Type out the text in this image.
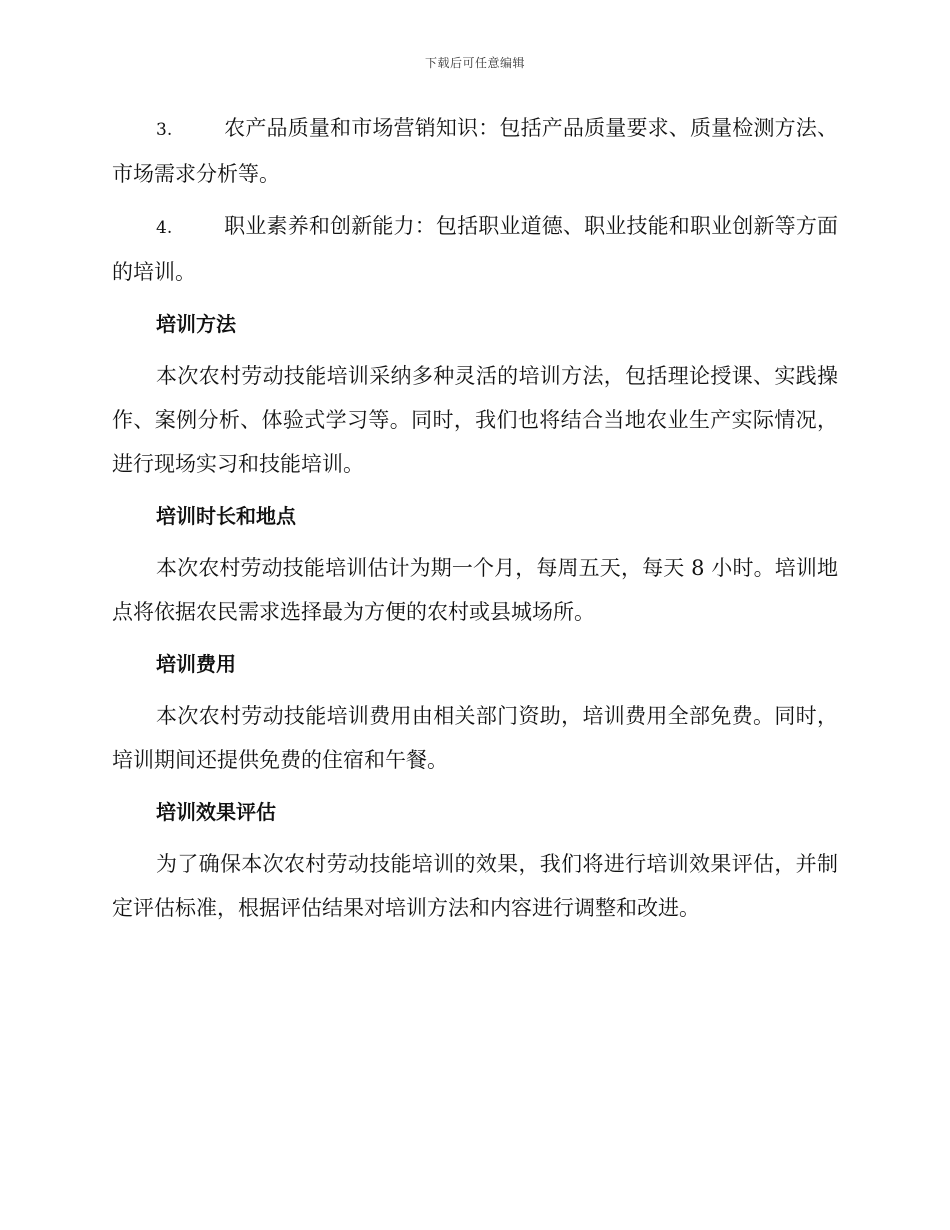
下载后可任意编辑

3. 农产品质量和市场营销知识：包括产品质量要求、质量检测方法、市场需求分析等。

4. 职业素养和创新能力：包括职业道德、职业技能和职业创新等方面的培训。

培训方法

本次农村劳动技能培训采纳多种灵活的培训方法，包括理论授课、实践操作、案例分析、体验式学习等。同时，我们也将结合当地农业生产实际情况，进行现场实习和技能培训。

培训时长和地点

本次农村劳动技能培训估计为期一个月，每周五天，每天 8 小时。培训地点将依据农民需求选择最为方便的农村或县城场所。

培训费用

本次农村劳动技能培训费用由相关部门资助，培训费用全部免费。同时，培训期间还提供免费的住宿和午餐。

培训效果评估

为了确保本次农村劳动技能培训的效果，我们将进行培训效果评估，并制定评估标准，根据评估结果对培训方法和内容进行调整和改进。
